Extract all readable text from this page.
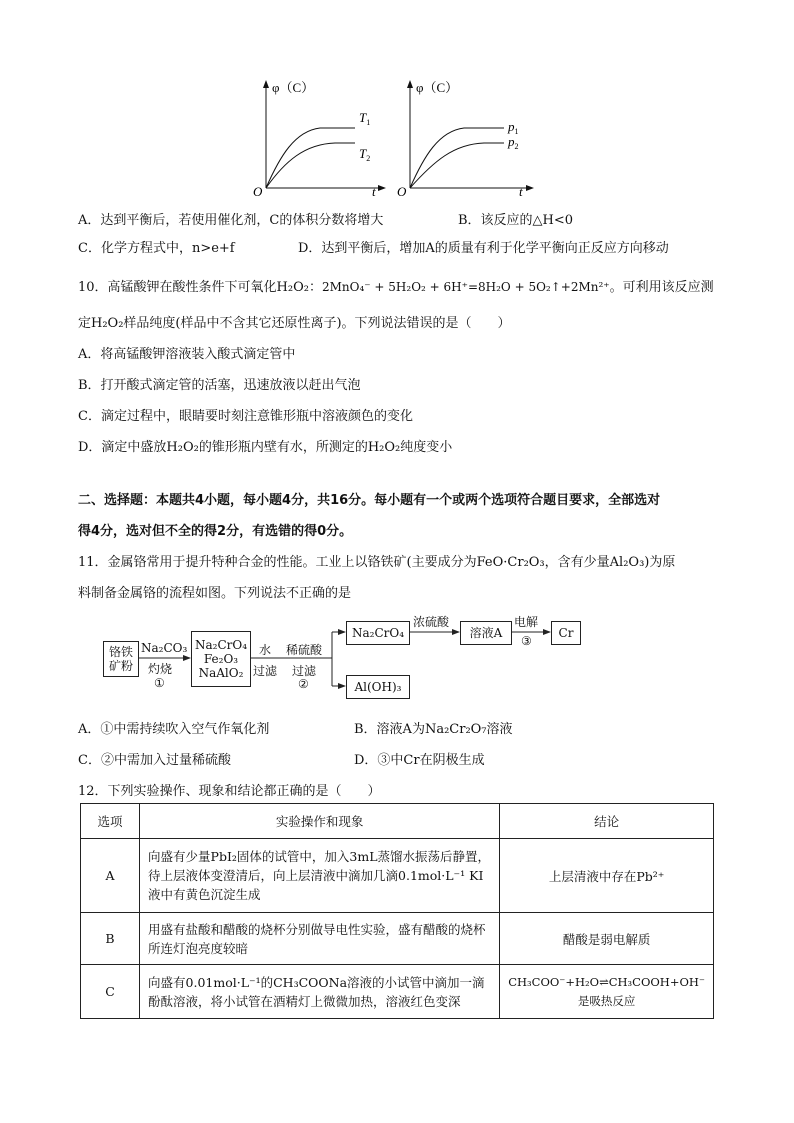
φ（C）
O	t
$T_1$
$T_2$
φ（C）
O	t
$p_1$
$p_2$
A．达到平衡后，若使用催化剂，C的体积分数将增大	B．该反应的△H<0
C．化学方程式中，n>e+f	D．达到平衡后，增加A的质量有利于化学平衡向正反应方向移动
10．高锰酸钾在酸性条件下可氧化H₂O₂：2MnO₄⁻ + 5H₂O₂ + 6H⁺=8H₂O + 5O₂↑+2Mn²⁺。可利用该反应测
定H₂O₂样品纯度(样品中不含其它还原性离子)。下列说法错误的是（　　）
A．将高锰酸钾溶液装入酸式滴定管中
B．打开酸式滴定管的活塞，迅速放液以赶出气泡
C．滴定过程中，眼睛要时刻注意锥形瓶中溶液颜色的变化
D．滴定中盛放H₂O₂的锥形瓶内壁有水，所测定的H₂O₂纯度变小
二、选择题：本题共4小题，每小题4分，共16分。每小题有一个或两个选项符合题目要求，全部选对
得4分，选对但不全的得2分，有选错的得0分。
11．金属铬常用于提升特种合金的性能。工业上以铬铁矿(主要成分为FeO·Cr₂O₃，含有少量Al₂O₃)为原
料制备金属铬的流程如图。下列说法不正确的是
铬铁
矿粉
Na₂CO₃
灼烧
①
Na₂CrO₄
Fe₂O₃
NaAlO₂
水
过滤
稀硫酸
过滤
②
Na₂CrO₄
浓硫酸
溶液A
电解
③
Cr
Al(OH)₃
A．①中需持续吹入空气作氧化剂	B．溶液A为Na₂Cr₂O₇溶液
C．②中需加入过量稀硫酸	D．③中Cr在阴极生成
12．下列实验操作、现象和结论都正确的是（　　）
选项	实验操作和现象	结论
A	向盛有少量PbI₂固体的试管中，加入3mL蒸馏水振荡后静置，待上层液体变澄清后，向上层清液中滴加几滴0.1mol·L⁻¹ KI液中有黄色沉淀生成	上层清液中存在Pb²⁺
B	用盛有盐酸和醋酸的烧杯分别做导电性实验，盛有醋酸的烧杯所连灯泡亮度较暗	醋酸是弱电解质
C	向盛有0.01mol·L⁻¹的CH₃COONa溶液的小试管中滴加一滴酚酞溶液，将小试管在酒精灯上微微加热，溶液红色变深	CH₃COO⁻+H₂O⇌CH₃COOH+OH⁻是吸热反应
